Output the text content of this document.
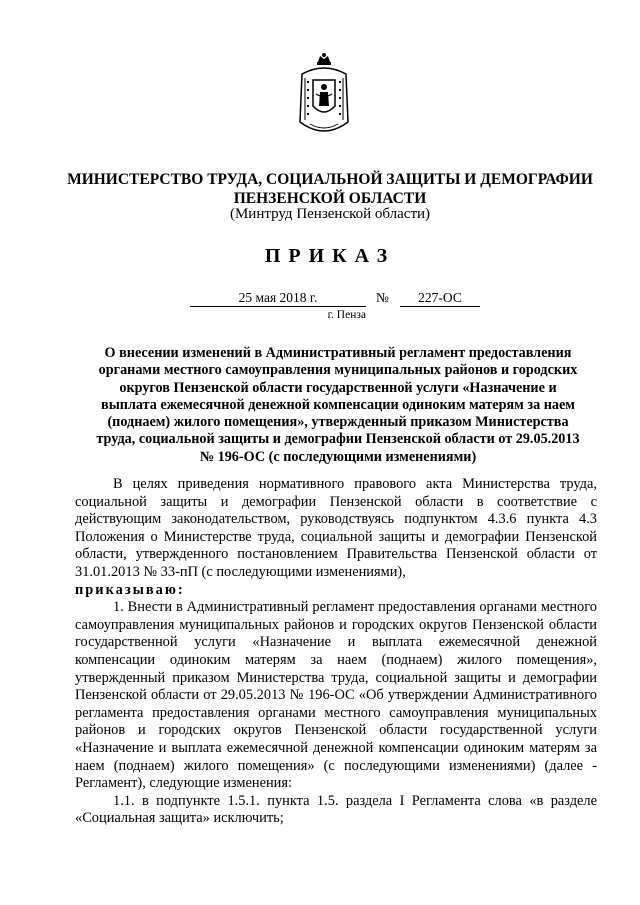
МИНИСТЕРСТВО ТРУДА, СОЦИАЛЬНОЙ ЗАЩИТЫ И ДЕМОГРАФИИ
ПЕНЗЕНСКОЙ ОБЛАСТИ
(Минтруд Пензенской области)
ПРИКАЗ
25 мая 2018 г.	№	227-ОС
г. Пенза
О внесении изменений в Административный регламент предоставления
органами местного самоуправления муниципальных районов и городских
округов Пензенской области государственной услуги «Назначение и
выплата ежемесячной денежной компенсации одиноким матерям за наем
(поднаем) жилого помещения», утвержденный приказом Министерства
труда, социальной защиты и демографии Пензенской области от 29.05.2013
№ 196-ОС (с последующими изменениями)

В целях приведения нормативного правового акта Министерства труда, социальной защиты и демографии Пензенской области в соответствие с действующим законодательством, руководствуясь подпунктом 4.3.6 пункта 4.3 Положения о Министерстве труда, социальной защиты и демографии Пензенской области, утвержденного постановлением Правительства Пензенской области от 31.01.2013 № 33-пП (с последующими изменениями),
приказываю:

1. Внести в Административный регламент предоставления органами местного самоуправления муниципальных районов и городских округов Пензенской области государственной услуги «Назначение и выплата ежемесячной денежной компенсации одиноким матерям за наем (поднаем) жилого помещения», утвержденный приказом Министерства труда, социальной защиты и демографии Пензенской области от 29.05.2013 № 196-ОС «Об утверждении Административного регламента предоставления органами местного самоуправления муниципальных районов и городских округов Пензенской области государственной услуги «Назначение и выплата ежемесячной денежной компенсации одиноким матерям за наем (поднаем) жилого помещения» (с последующими изменениями) (далее - Регламент), следующие изменения:

1.1. в подпункте 1.5.1. пункта 1.5. раздела I Регламента слова «в разделе «Социальная защита» исключить;
